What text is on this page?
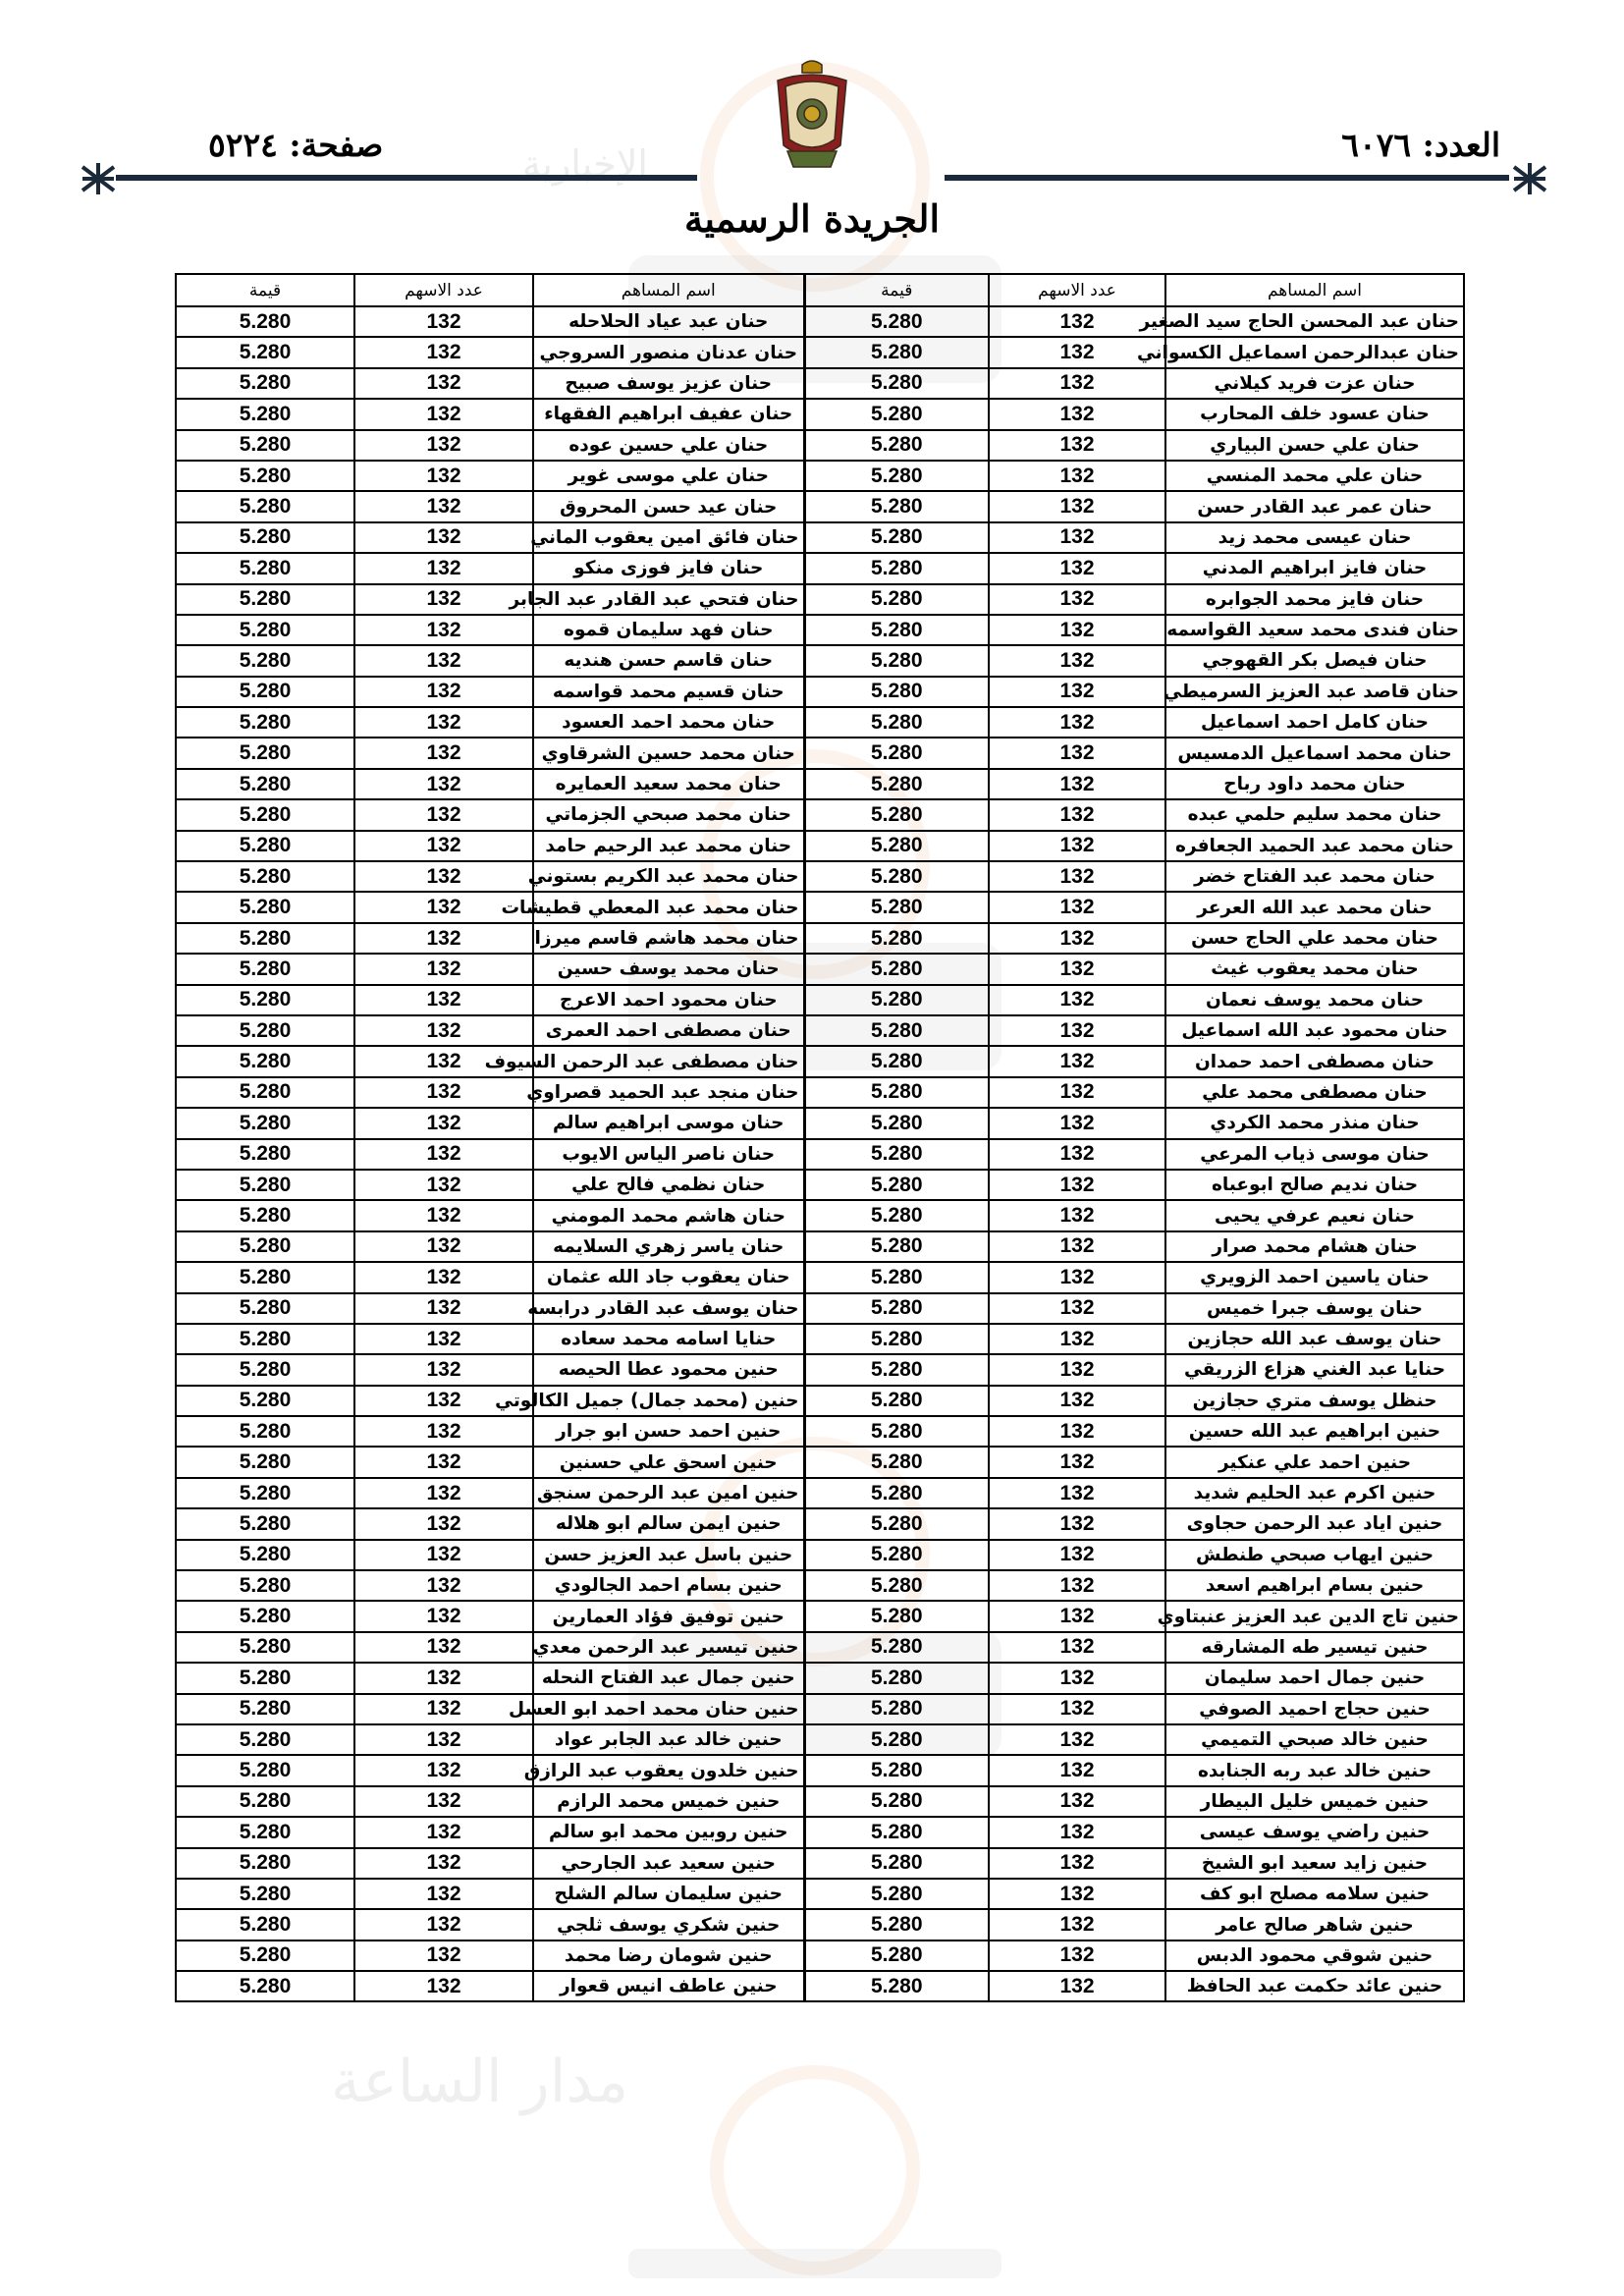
الإخبارية
مدار الساعة
العدد: ٦٠٧٦
صفحة: ٥٢٢٤
الجريدة الرسمية
اسم المساهم	عدد الاسهم	قيمة	اسم المساهم	عدد الاسهم	قيمة
حنان عبد المحسن الحاج سيد الصغير	132	5.280	حنان عبد عياد الحلاحله	132	5.280
حنان عبدالرحمن اسماعيل الكسواني	132	5.280	حنان عدنان منصور السروجي	132	5.280
حنان عزت فريد كيلاني	132	5.280	حنان عزيز يوسف صبيح	132	5.280
حنان عسود خلف المحارب	132	5.280	حنان عفيف ابراهيم الفقهاء	132	5.280
حنان علي حسن البياري	132	5.280	حنان علي حسين عوده	132	5.280
حنان علي محمد المنسي	132	5.280	حنان علي موسى غوير	132	5.280
حنان عمر عبد القادر حسن	132	5.280	حنان عيد حسن المحروق	132	5.280
حنان عيسى محمد زيد	132	5.280	حنان فائق امين يعقوب الماني	132	5.280
حنان فايز ابراهيم المدني	132	5.280	حنان فايز فوزى منكو	132	5.280
حنان فايز محمد الجوابره	132	5.280	حنان فتحي عبد القادر عبد الجابر	132	5.280
حنان فندى محمد سعيد القواسمه	132	5.280	حنان فهد سليمان قموه	132	5.280
حنان فيصل بكر القهوجي	132	5.280	حنان قاسم حسن هنديه	132	5.280
حنان قاصد عبد العزيز السرميطي	132	5.280	حنان قسيم محمد قواسمه	132	5.280
حنان كامل احمد اسماعيل	132	5.280	حنان محمد احمد العسود	132	5.280
حنان محمد اسماعيل الدمسيس	132	5.280	حنان محمد حسين الشرقاوي	132	5.280
حنان محمد داود رباح	132	5.280	حنان محمد سعيد العمايره	132	5.280
حنان محمد سليم حلمي عبده	132	5.280	حنان محمد صبحي الجزماتي	132	5.280
حنان محمد عبد الحميد الجعافره	132	5.280	حنان محمد عبد الرحيم حامد	132	5.280
حنان محمد عبد الفتاح خضر	132	5.280	حنان محمد عبد الكريم بستوني	132	5.280
حنان محمد عبد الله العرعر	132	5.280	حنان محمد عبد المعطي قطيشات	132	5.280
حنان محمد علي الحاج حسن	132	5.280	حنان محمد هاشم قاسم ميرزا	132	5.280
حنان محمد يعقوب غيث	132	5.280	حنان محمد يوسف حسين	132	5.280
حنان محمد يوسف نعمان	132	5.280	حنان محمود احمد الاعرج	132	5.280
حنان محمود عبد الله اسماعيل	132	5.280	حنان مصطفى احمد العمرى	132	5.280
حنان مصطفى احمد حمدان	132	5.280	حنان مصطفى عبد الرحمن السيوف	132	5.280
حنان مصطفى محمد علي	132	5.280	حنان منجد عبد الحميد قصراوي	132	5.280
حنان منذر محمد الكردي	132	5.280	حنان موسى ابراهيم سالم	132	5.280
حنان موسى ذياب المرعي	132	5.280	حنان ناصر الياس الايوب	132	5.280
حنان نديم صالح ابوعباه	132	5.280	حنان نظمي فالح علي	132	5.280
حنان نعيم عرفي يحيى	132	5.280	حنان هاشم محمد المومني	132	5.280
حنان هشام محمد صرار	132	5.280	حنان ياسر زهري السلايمه	132	5.280
حنان ياسين احمد الزويري	132	5.280	حنان يعقوب جاد الله عثمان	132	5.280
حنان يوسف جبرا خميس	132	5.280	حنان يوسف عبد القادر درابسه	132	5.280
حنان يوسف عبد الله حجازين	132	5.280	حنايا اسامه محمد سعاده	132	5.280
حنايا عبد الغني هزاع الزريقي	132	5.280	حنين محمود عطا الحيصه	132	5.280
حنظل يوسف متري حجازين	132	5.280	حنين (محمد جمال) جميل الكالوتي	132	5.280
حنين ابراهيم عبد الله حسين	132	5.280	حنين احمد حسن ابو جرار	132	5.280
حنين احمد علي عنكير	132	5.280	حنين اسحق علي حسنين	132	5.280
حنين اكرم عبد الحليم شديد	132	5.280	حنين امين عبد الرحمن سنجق	132	5.280
حنين اياد عبد الرحمن حجاوى	132	5.280	حنين ايمن سالم ابو هلاله	132	5.280
حنين ايهاب صبحي طنطش	132	5.280	حنين باسل عبد العزيز حسن	132	5.280
حنين بسام ابراهيم اسعد	132	5.280	حنين بسام احمد الجالودي	132	5.280
حنين تاج الدين عبد العزيز عنبتاوي	132	5.280	حنين توفيق فؤاد العمارين	132	5.280
حنين تيسير طه المشارقه	132	5.280	حنين تيسير عبد الرحمن معدي	132	5.280
حنين جمال احمد سليمان	132	5.280	حنين جمال عبد الفتاح النحله	132	5.280
حنين حجاج احميد الصوفي	132	5.280	حنين حنان محمد احمد ابو العسل	132	5.280
حنين خالد صبحي التميمي	132	5.280	حنين خالد عبد الجابر عواد	132	5.280
حنين خالد عبد ربه الجنابده	132	5.280	حنين خلدون يعقوب عبد الرازق	132	5.280
حنين خميس خليل البيطار	132	5.280	حنين خميس محمد الرازم	132	5.280
حنين راضي يوسف عيسى	132	5.280	حنين روبين محمد ابو سالم	132	5.280
حنين زايد سعيد ابو الشيخ	132	5.280	حنين سعيد عبد الجارحي	132	5.280
حنين سلامه مصلح ابو كف	132	5.280	حنين سليمان سالم الشلح	132	5.280
حنين شاهر صالح عامر	132	5.280	حنين شكري يوسف ثلجي	132	5.280
حنين شوقي محمود الدبس	132	5.280	حنين شومان رضا محمد	132	5.280
حنين عائد حكمت عبد الحافظ	132	5.280	حنين عاطف انيس قعوار	132	5.280
